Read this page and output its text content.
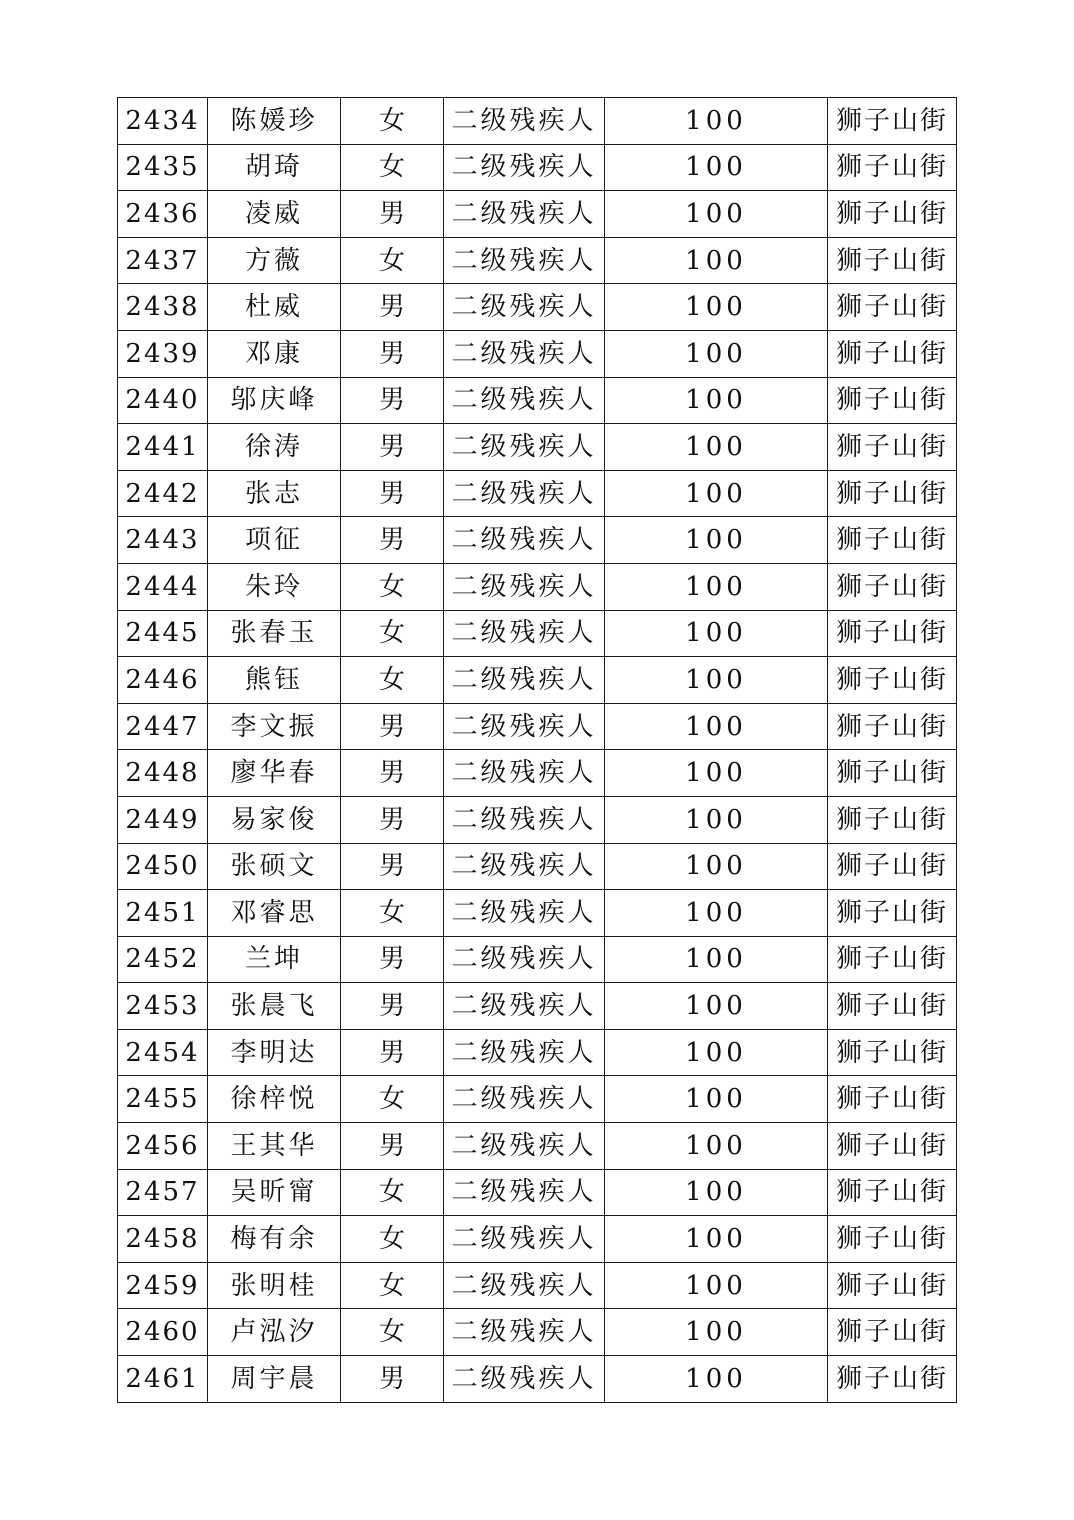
2434	陈媛珍	女	二级残疾人	100	狮子山街
2435	胡琦	女	二级残疾人	100	狮子山街
2436	凌威	男	二级残疾人	100	狮子山街
2437	方薇	女	二级残疾人	100	狮子山街
2438	杜威	男	二级残疾人	100	狮子山街
2439	邓康	男	二级残疾人	100	狮子山街
2440	邬庆峰	男	二级残疾人	100	狮子山街
2441	徐涛	男	二级残疾人	100	狮子山街
2442	张志	男	二级残疾人	100	狮子山街
2443	项征	男	二级残疾人	100	狮子山街
2444	朱玲	女	二级残疾人	100	狮子山街
2445	张春玉	女	二级残疾人	100	狮子山街
2446	熊钰	女	二级残疾人	100	狮子山街
2447	李文振	男	二级残疾人	100	狮子山街
2448	廖华春	男	二级残疾人	100	狮子山街
2449	易家俊	男	二级残疾人	100	狮子山街
2450	张硕文	男	二级残疾人	100	狮子山街
2451	邓睿思	女	二级残疾人	100	狮子山街
2452	兰坤	男	二级残疾人	100	狮子山街
2453	张晨飞	男	二级残疾人	100	狮子山街
2454	李明达	男	二级残疾人	100	狮子山街
2455	徐梓悦	女	二级残疾人	100	狮子山街
2456	王其华	男	二级残疾人	100	狮子山街
2457	吴昕甯	女	二级残疾人	100	狮子山街
2458	梅有余	女	二级残疾人	100	狮子山街
2459	张明桂	女	二级残疾人	100	狮子山街
2460	卢泓汐	女	二级残疾人	100	狮子山街
2461	周宇晨	男	二级残疾人	100	狮子山街
